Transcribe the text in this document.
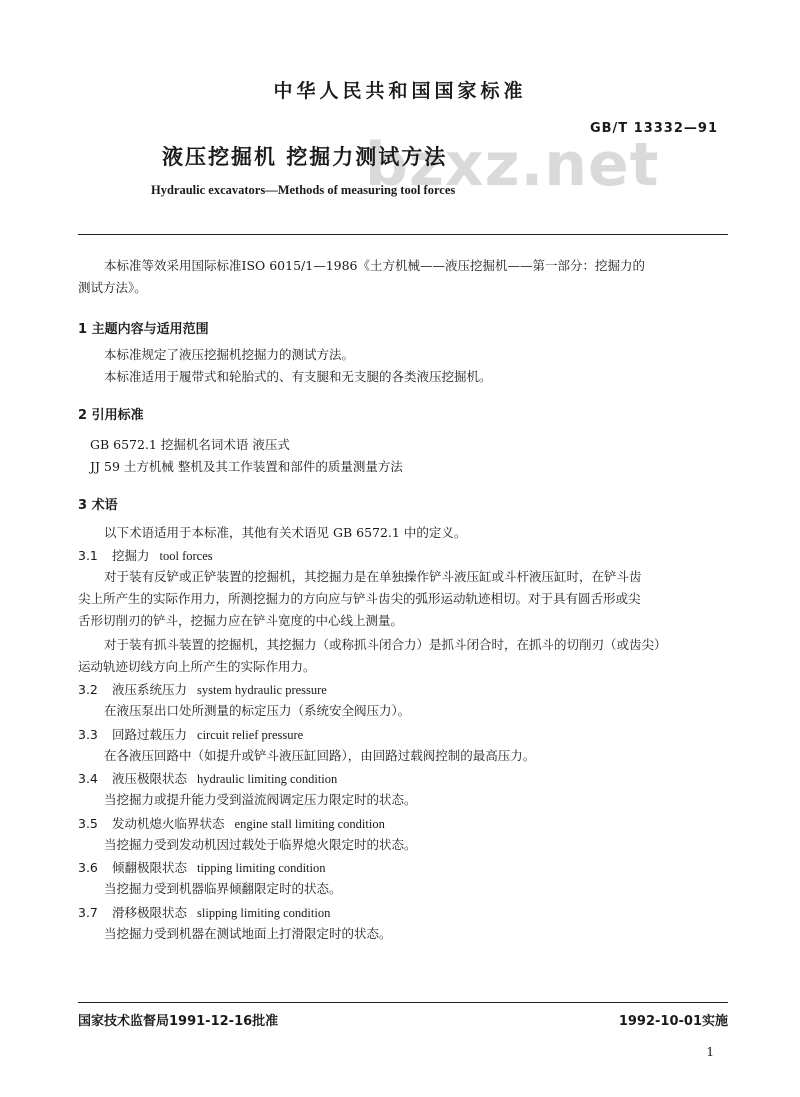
中华人民共和国国家标准
GB/T 13332—91
bzxz.net
液压挖掘机 挖掘力测试方法
Hydraulic excavators—Methods of measuring tool forces
本标准等效采用国际标准ISO 6015/1—1986《土方机械——液压挖掘机——第一部分：挖掘力的
测试方法》。
1 主题内容与适用范围
本标准规定了液压挖掘机挖掘力的测试方法。
本标准适用于履带式和轮胎式的、有支腿和无支腿的各类液压挖掘机。
2 引用标准
GB 6572.1 挖掘机名词术语 液压式
JJ 59 土方机械 整机及其工作装置和部件的质量测量方法
3 术语
以下术语适用于本标准，其他有关术语见 GB 6572.1 中的定义。
3.1 挖掘力 tool forces
对于装有反铲或正铲装置的挖掘机，其挖掘力是在单独操作铲斗液压缸或斗杆液压缸时，在铲斗齿
尖上所产生的实际作用力，所测挖掘力的方向应与铲斗齿尖的弧形运动轨迹相切。对于具有圆舌形或尖
舌形切削刃的铲斗，挖掘力应在铲斗宽度的中心线上测量。
对于装有抓斗装置的挖掘机，其挖掘力（或称抓斗闭合力）是抓斗闭合时，在抓斗的切削刃（或齿尖）
运动轨迹切线方向上所产生的实际作用力。
3.2 液压系统压力 system hydraulic pressure
在液压泵出口处所测量的标定压力（系统安全阀压力）。
3.3 回路过载压力 circuit relief pressure
在各液压回路中（如提升或铲斗液压缸回路），由回路过载阀控制的最高压力。
3.4 液压极限状态 hydraulic limiting condition
当挖掘力或提升能力受到溢流阀调定压力限定时的状态。
3.5 发动机熄火临界状态 engine stall limiting condition
当挖掘力受到发动机因过载处于临界熄火限定时的状态。
3.6 倾翻极限状态 tipping limiting condition
当挖掘力受到机器临界倾翻限定时的状态。
3.7 滑移极限状态 slipping limiting condition
当挖掘力受到机器在测试地面上打滑限定时的状态。
国家技术监督局1991-12-16批准	1992-10-01实施
1
